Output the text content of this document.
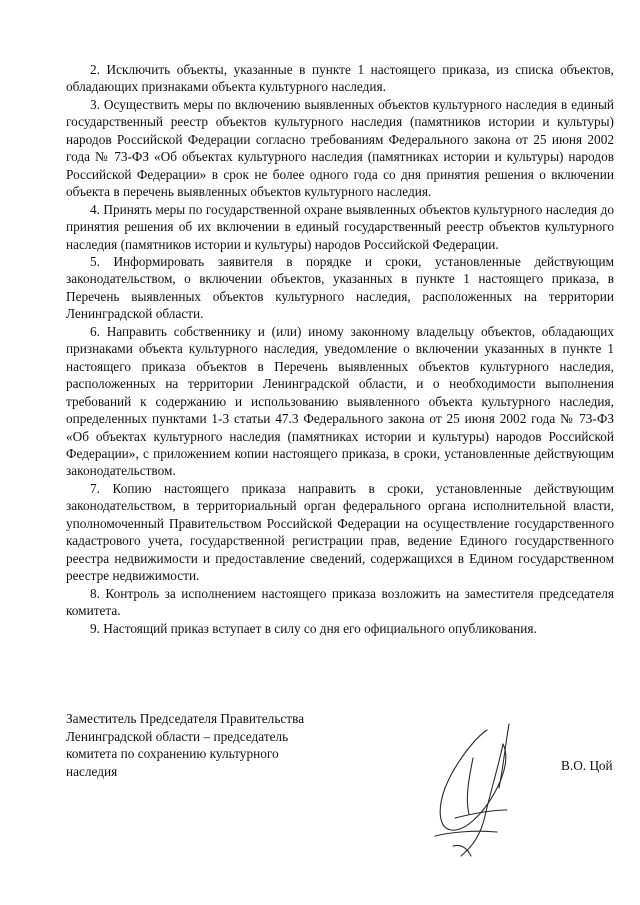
2. Исключить объекты, указанные в пункте 1 настоящего приказа, из списка объектов, обладающих признаками объекта культурного наследия.

3. Осуществить меры по включению выявленных объектов культурного наследия в единый государственный реестр объектов культурного наследия (памятников истории и культуры) народов Российской Федерации согласно требованиям Федерального закона от 25 июня 2002 года № 73-ФЗ «Об объектах культурного наследия (памятниках истории и культуры) народов Российской Федерации» в срок не более одного года со дня принятия решения о включении объекта в перечень выявленных объектов культурного наследия.

4. Принять меры по государственной охране выявленных объектов культурного наследия до принятия решения об их включении в единый государственный реестр объектов культурного наследия (памятников истории и культуры) народов Российской Федерации.

5. Информировать заявителя в порядке и сроки, установленные действующим законодательством, о включении объектов, указанных в пункте 1 настоящего приказа, в Перечень выявленных объектов культурного наследия, расположенных на территории Ленинградской области.

6. Направить собственнику и (или) иному законному владельцу объектов, обладающих признаками объекта культурного наследия, уведомление о включении указанных в пункте 1 настоящего приказа объектов в Перечень выявленных объектов культурного наследия, расположенных на территории Ленинградской области, и о необходимости выполнения требований к содержанию и использованию выявленного объекта культурного наследия, определенных пунктами 1-3 статьи 47.3 Федерального закона от 25 июня 2002 года № 73-ФЗ «Об объектах культурного наследия (памятниках истории и культуры) народов Российской Федерации», с приложением копии настоящего приказа, в сроки, установленные действующим законодательством.

7. Копию настоящего приказа направить в сроки, установленные действующим законодательством, в территориальный орган федерального органа исполнительной власти, уполномоченный Правительством Российской Федерации на осуществление государственного кадастрового учета, государственной регистрации прав, ведение Единого государственного реестра недвижимости и предоставление сведений, содержащихся в Едином государственном реестре недвижимости.

8. Контроль за исполнением настоящего приказа возложить на заместителя председателя комитета.

9. Настоящий приказ вступает в силу со дня его официального опубликования.

Заместитель Председателя Правительства
Ленинградской области – председатель
комитета по сохранению культурного
наследия	В.О. Цой
